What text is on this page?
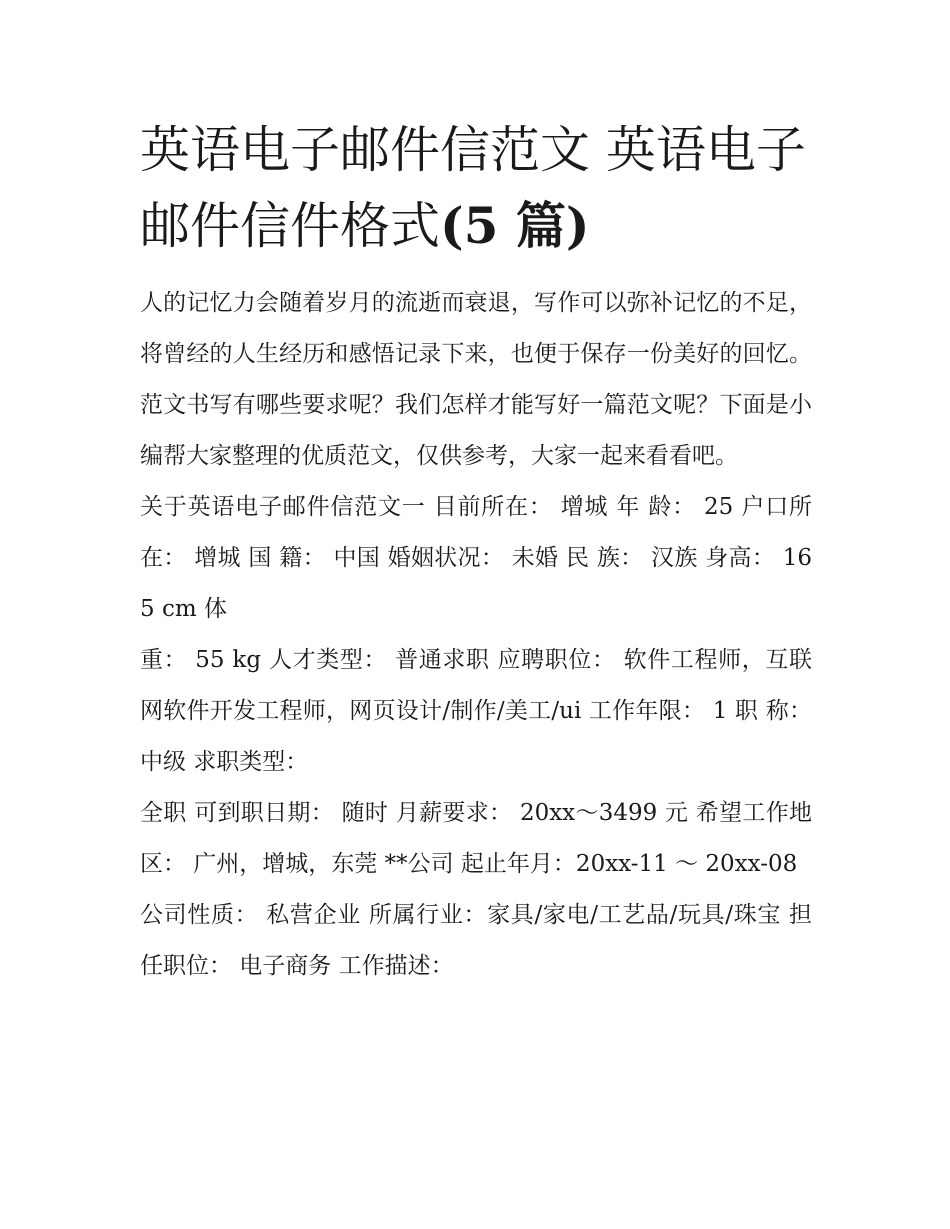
英语电子邮件信范文 英语电子邮件信件格式(5 篇)

人的记忆力会随着岁月的流逝而衰退，写作可以弥补记忆的不足，将曾经的人生经历和感悟记录下来，也便于保存一份美好的回忆。范文书写有哪些要求呢？我们怎样才能写好一篇范文呢？下面是小编帮大家整理的优质范文，仅供参考，大家一起来看看吧。

关于英语电子邮件信范文一 目前所在： 增城 年 龄： 25 户口所在： 增城 国 籍： 中国 婚姻状况： 未婚 民 族： 汉族 身高： 165 cm 体

重： 55 kg 人才类型： 普通求职 应聘职位： 软件工程师，互联网软件开发工程师，网页设计/制作/美工/ui 工作年限： 1 职 称： 中级 求职类型：

全职 可到职日期： 随时 月薪要求： 20xx～3499 元 希望工作地区： 广州，增城，东莞 **公司 起止年月：20xx-11 ～ 20xx-08

公司性质： 私营企业 所属行业：家具/家电/工艺品/玩具/珠宝 担任职位： 电子商务 工作描述：
